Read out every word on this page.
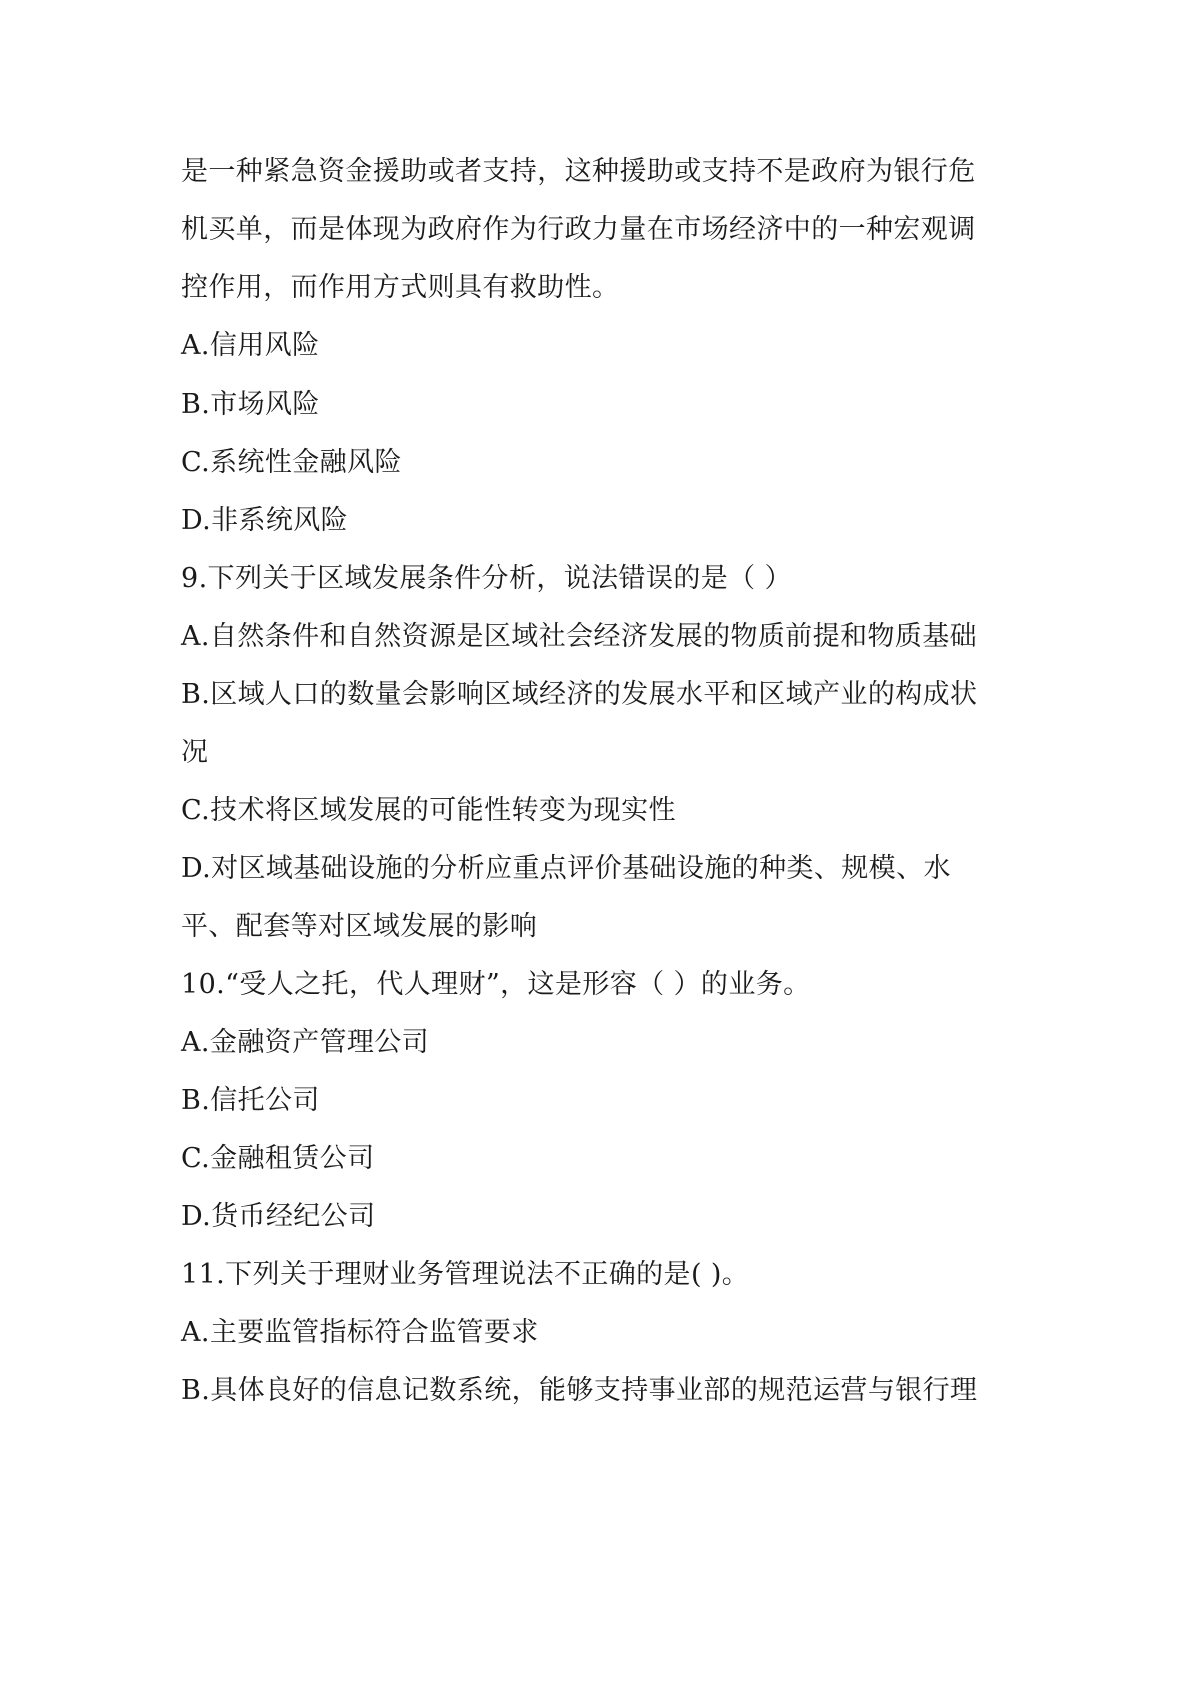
是一种紧急资金援助或者支持，这种援助或支持不是政府为银行危
机买单，而是体现为政府作为行政力量在市场经济中的一种宏观调
控作用，而作用方式则具有救助性。
A.信用风险
B.市场风险
C.系统性金融风险
D.非系统风险
9.下列关于区域发展条件分析，说法错误的是（ ）
A.自然条件和自然资源是区域社会经济发展的物质前提和物质基础
B.区域人口的数量会影响区域经济的发展水平和区域产业的构成状
况
C.技术将区域发展的可能性转变为现实性
D.对区域基础设施的分析应重点评价基础设施的种类、规模、水
平、配套等对区域发展的影响
10.“受人之托，代人理财”，这是形容（ ）的业务。
A.金融资产管理公司
B.信托公司
C.金融租赁公司
D.货币经纪公司
11.下列关于理财业务管理说法不正确的是( )。
A.主要监管指标符合监管要求
B.具体良好的信息记数系统，能够支持事业部的规范运营与银行理
